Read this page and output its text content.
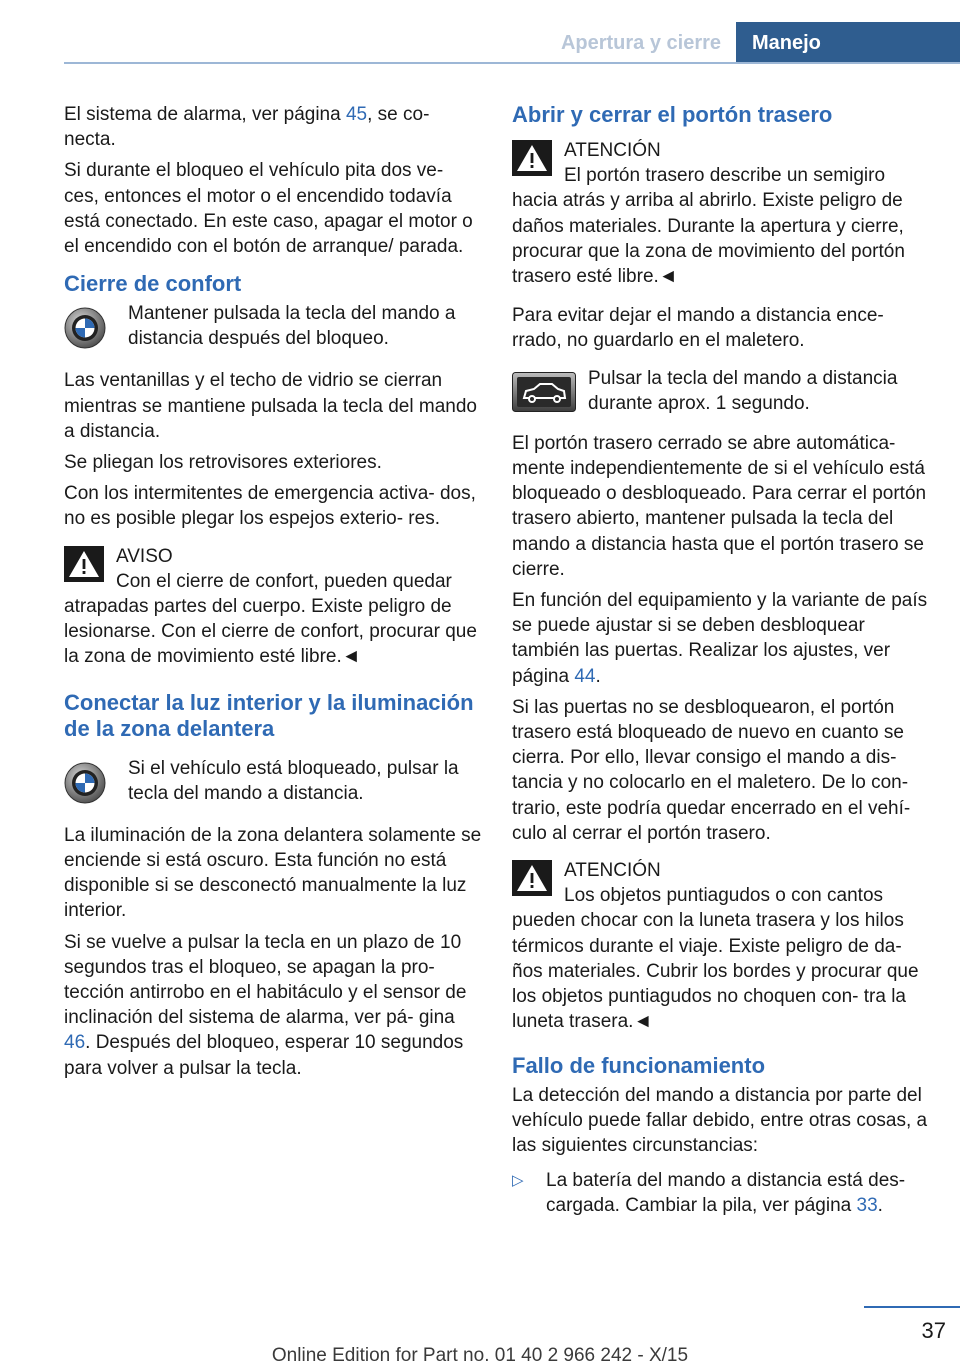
Apertura y cierre	Manejo

El sistema de alarma, ver página 45, se co‐ necta.

Si durante el bloqueo el vehículo pita dos ve‐ ces, entonces el motor o el encendido todavía está conectado. En este caso, apagar el motor o el encendido con el botón de arranque/ parada.

Cierre de confort
Mantener pulsada la tecla del mando a distancia después del bloqueo.

Las ventanillas y el techo de vidrio se cierran mientras se mantiene pulsada la tecla del mando a distancia.

Se pliegan los retrovisores exteriores.

Con los intermitentes de emergencia activa‐ dos, no es posible plegar los espejos exterio‐ res.

AVISO
Con el cierre de confort, pueden quedar
atrapadas partes del cuerpo. Existe peligro de lesionarse. Con el cierre de confort, procurar que la zona de movimiento esté libre.◄
Conectar la luz interior y la iluminación de la zona delantera
Si el vehículo está bloqueado, pulsar la tecla del mando a distancia.

La iluminación de la zona delantera solamente se enciende si está oscuro. Esta función no está disponible si se desconectó manualmente la luz interior.

Si se vuelve a pulsar la tecla en un plazo de 10 segundos tras el bloqueo, se apagan la pro‐ tección antirrobo en el habitáculo y el sensor de inclinación del sistema de alarma, ver pá‐ gina 46. Después del bloqueo, esperar 10 segundos para volver a pulsar la tecla.

Abrir y cerrar el portón trasero
ATENCIÓN
El portón trasero describe un semigiro
hacia atrás y arriba al abrirlo. Existe peligro de daños materiales. Durante la apertura y cierre, procurar que la zona de movimiento del portón trasero esté libre.◄

Para evitar dejar el mando a distancia ence‐ rrado, no guardarlo en el maletero.

Pulsar la tecla del mando a distancia durante aprox. 1 segundo.

El portón trasero cerrado se abre automática‐ mente independientemente de si el vehículo está bloqueado o desbloqueado. Para cerrar el portón trasero abierto, mantener pulsada la tecla del mando a distancia hasta que el portón trasero se cierre.

En función del equipamiento y la variante de país se puede ajustar si se deben desbloquear también las puertas. Realizar los ajustes, ver página 44.

Si las puertas no se desbloquearon, el portón trasero está bloqueado de nuevo en cuanto se cierra. Por ello, llevar consigo el mando a dis‐ tancia y no colocarlo en el maletero. De lo con‐ trario, este podría quedar encerrado en el vehí‐ culo al cerrar el portón trasero.

ATENCIÓN
Los objetos puntiagudos o con cantos
pueden chocar con la luneta trasera y los hilos térmicos durante el viaje. Existe peligro de da‐ ños materiales. Cubrir los bordes y procurar que los objetos puntiagudos no choquen con‐ tra la luneta trasera.◄
Fallo de funcionamiento

La detección del mando a distancia por parte del vehículo puede fallar debido, entre otras cosas, a las siguientes circunstancias:

▷	La batería del mando a distancia está des‐ cargada. Cambiar la pila, ver página 33.
37
Online Edition for Part no. 01 40 2 966 242 - X/15
